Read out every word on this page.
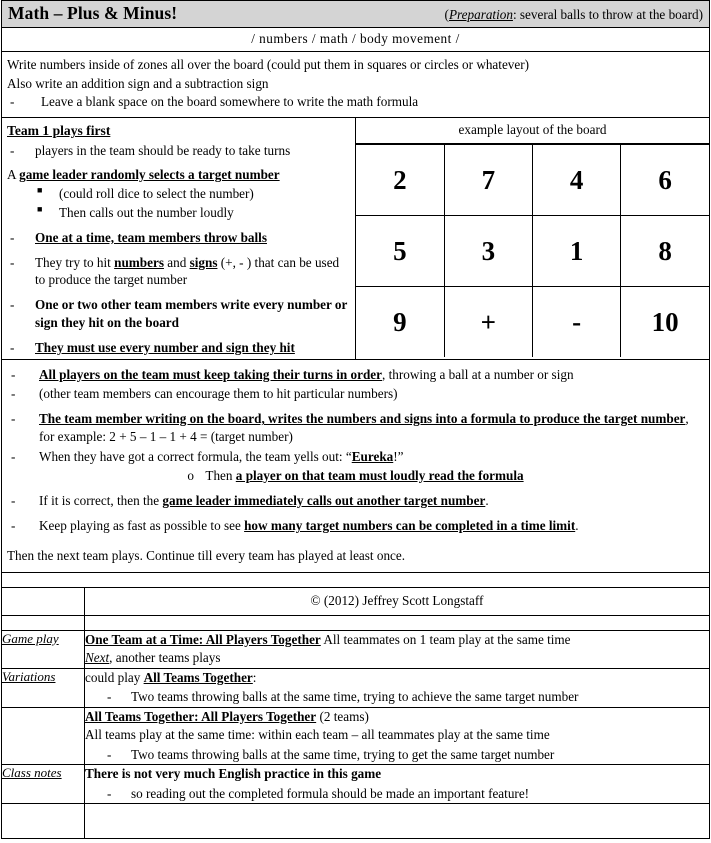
Math – Plus & Minus!	(Preparation: several balls to throw at the board)

/ numbers / math / body movement /

Write numbers inside of zones all over the board (could put them in squares or circles or whatever)
Also write an addition sign and a subtraction sign
- Leave a blank space on the board somewhere to write the math formula

Team 1 plays first
- players in the team should be ready to take turns
A game leader randomly selects a target number
■ (could roll dice to select the number)
■ Then calls out the number loudly
- One at a time, team members throw balls
- They try to hit numbers and signs (+, - ) that can be used to produce the target number
- One or two other team members write every number or sign they hit on the board
- They must use every number and sign they hit

example layout of the board
2	7	4	6
5	3	1	8
9	+	-	10

- All players on the team must keep taking their turns in order, throwing a ball at a number or sign
- (other team members can encourage them to hit particular numbers)
- The team member writing on the board, writes the numbers and signs into a formula to produce the target number, for example: 2 + 5 – 1 – 1 + 4 = (target number)
- When they have got a correct formula, the team yells out: “Eureka!”
o Then a player on that team must loudly read the formula
- If it is correct, then the game leader immediately calls out another target number.
- Keep playing as fast as possible to see how many target numbers can be completed in a time limit.
Then the next team plays. Continue till every team has played at least once.

	© (2012) Jeffrey Scott Longstaff

Game play	One Team at a Time: All Players Together All teammates on 1 team play at the same time
Next, another teams plays

Variations	could play All Teams Together:
- Two teams throwing balls at the same time, trying to achieve the same target number

	All Teams Together: All Players Together (2 teams)
All teams play at the same time: within each team – all teammates play at the same time
- Two teams throwing balls at the same time, trying to get the same target number

Class notes	There is not very much English practice in this game
- so reading out the completed formula should be made an important feature!
